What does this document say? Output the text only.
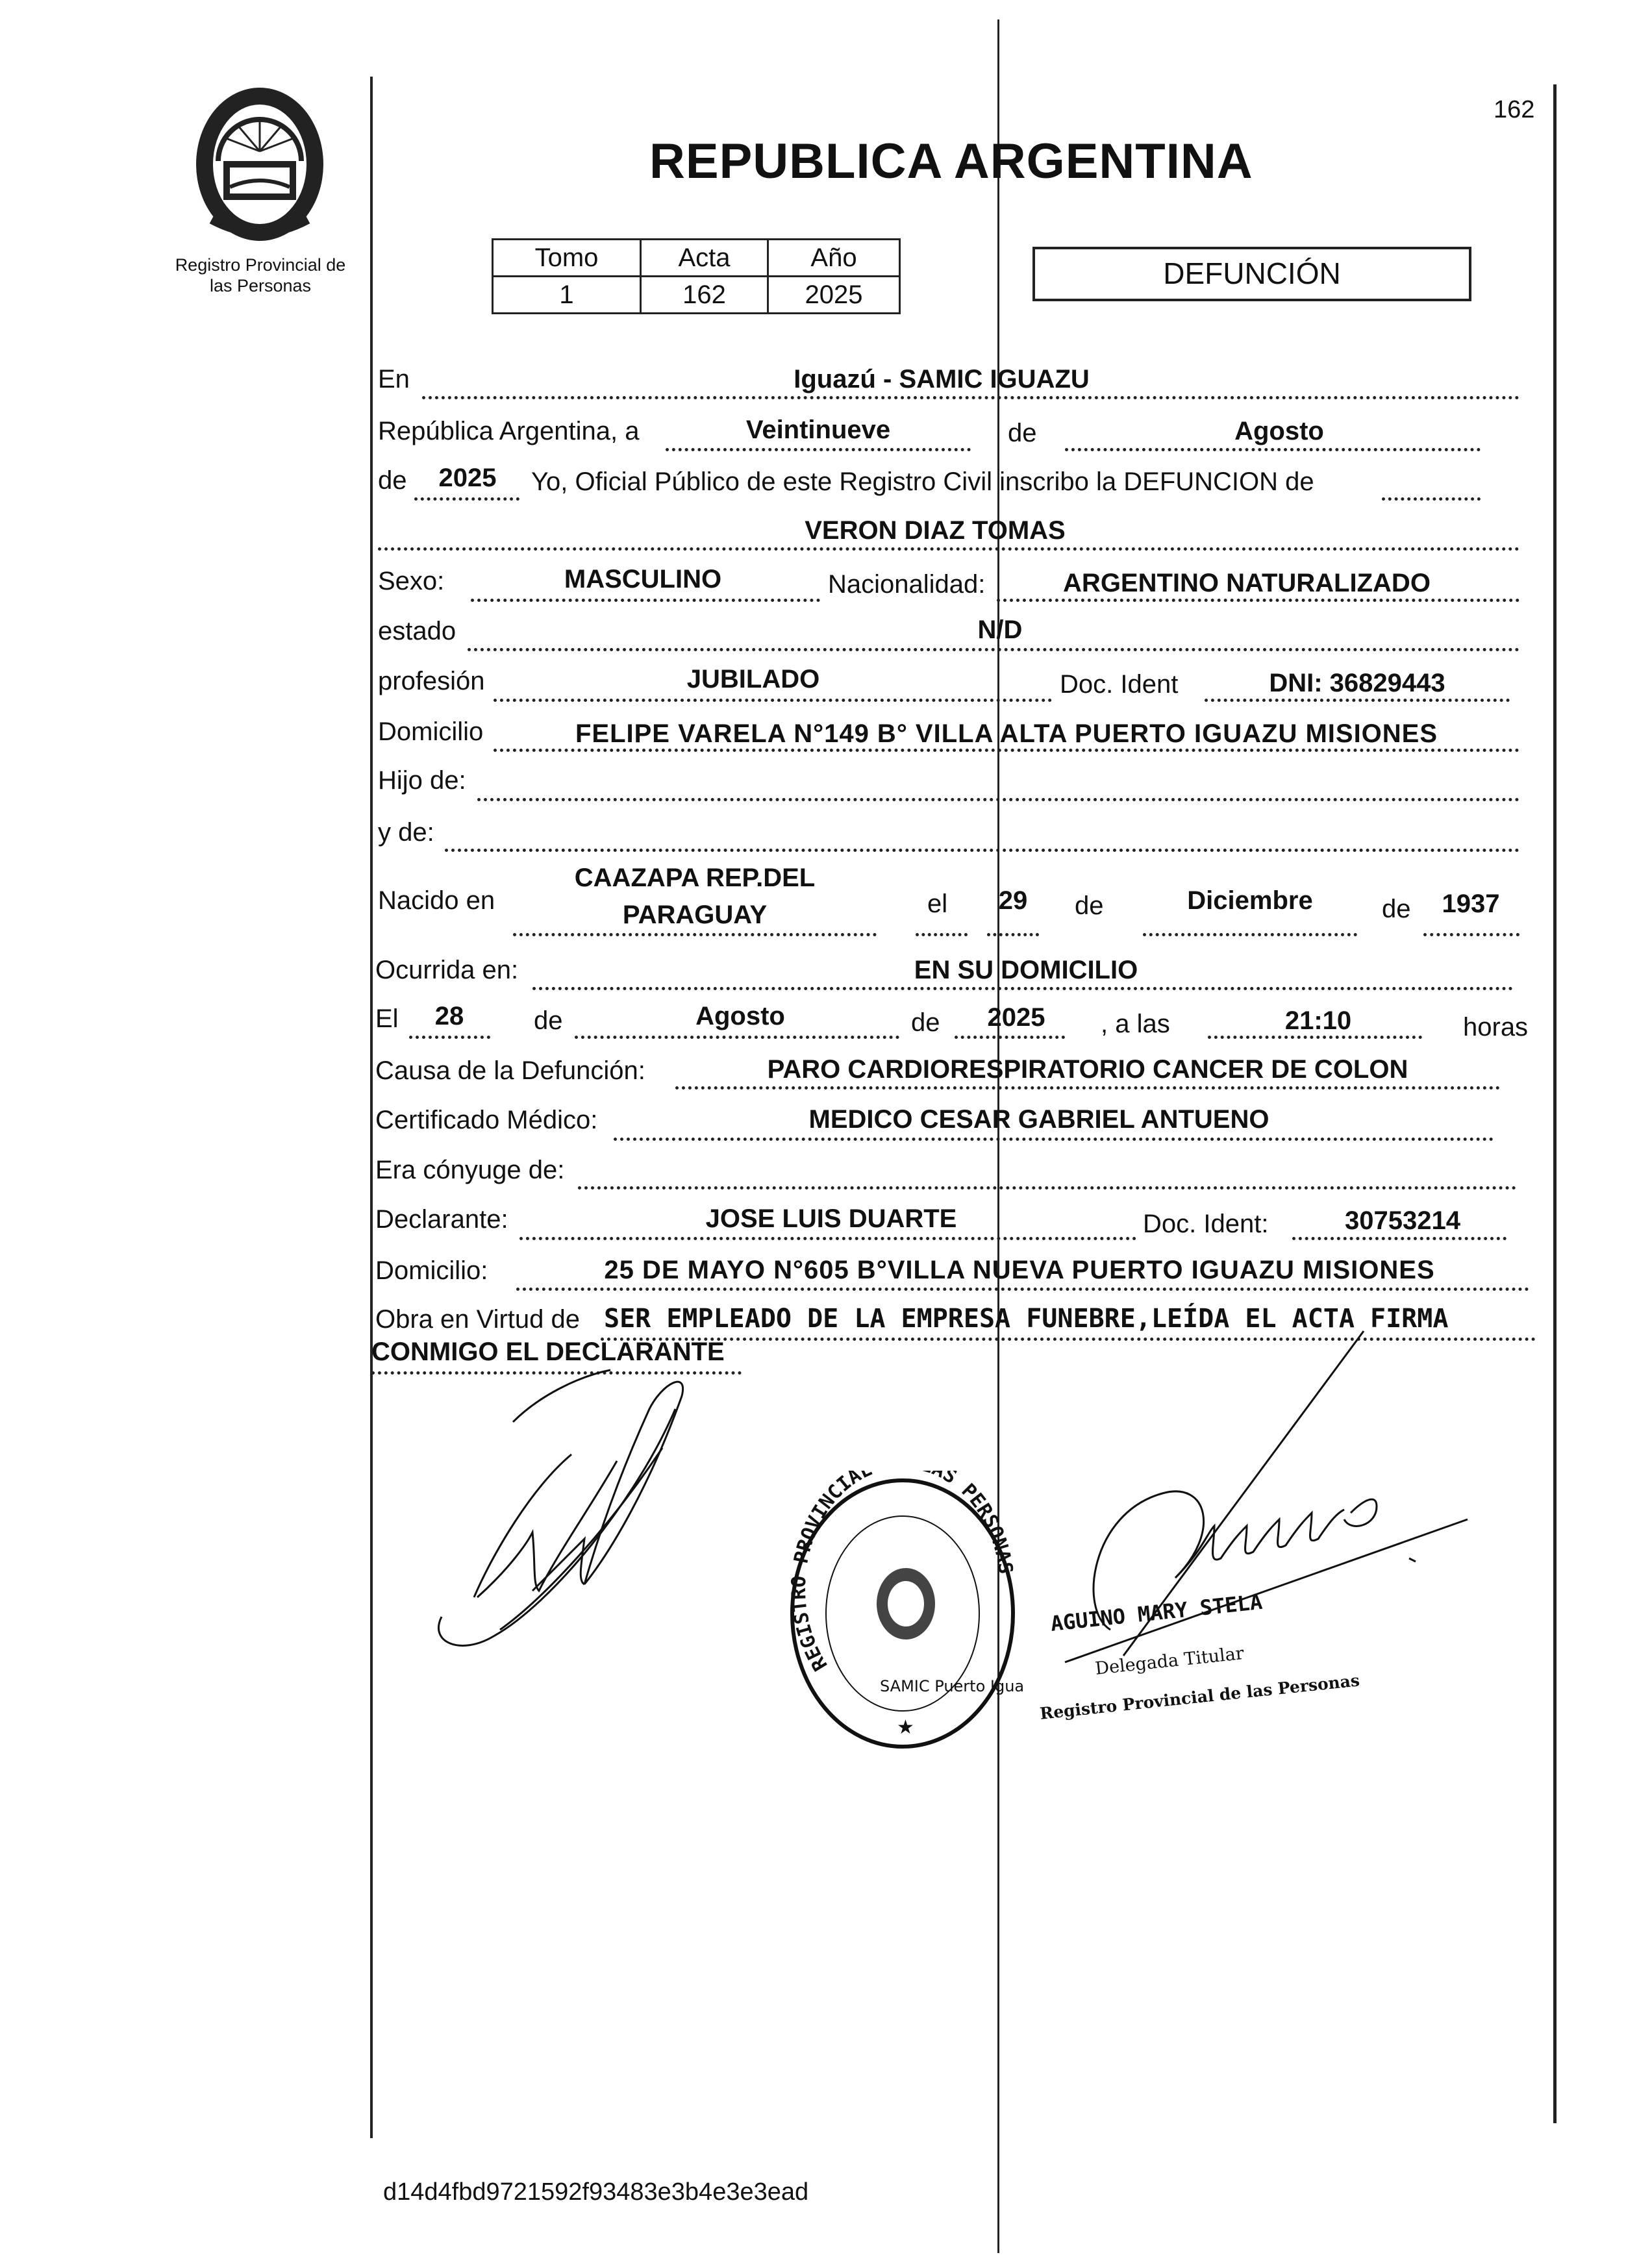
Registro Provincial de
las Personas
162
REPUBLICA ARGENTINA
Tomo	Acta	Año
1	162	2025
DEFUNCIÓN
En	Iguazú - SAMIC IGUAZU
República Argentina, a	Veintinueve	de	Agosto
de	2025	Yo, Oficial Público de este Registro Civil inscribo la DEFUNCION de
VERON DIAZ TOMAS
Sexo:	MASCULINO	Nacionalidad:	ARGENTINO NATURALIZADO
estado	N/D
profesión	JUBILADO	Doc. Ident	DNI: 36829443
Domicilio	FELIPE VARELA N°149 B° VILLA ALTA PUERTO IGUAZU MISIONES
Hijo de:
y de:
Nacido en
CAAZAPA REP.DEL
PARAGUAY	el	29	de	Diciembre	de	1937
Ocurrida en:	EN SU DOMICILIO
El	28	de	Agosto	de	2025	, a las	21:10	horas
Causa de la Defunción:	PARO CARDIORESPIRATORIO CANCER DE COLON
Certificado Médico:	MEDICO CESAR GABRIEL ANTUENO
Era cónyuge de:
Declarante:	JOSE LUIS DUARTE	Doc. Ident:	30753214
Domicilio:	25 DE MAYO N°605 B°VILLA NUEVA PUERTO IGUAZU MISIONES
Obra en Virtud de SER EMPLEADO DE LA EMPRESA FUNEBRE,LEÍDA EL ACTA FIRMA
CONMIGO EL DECLARANTE
REGISTRO PROVINCIA S PERSONAS
SAMIC Puerto Igua
★
AGUINO MARY STELA
Delegada Titular
Registro Provincial de las Personas
d14d4fbd9721592f93483e3b4e3e3ead
